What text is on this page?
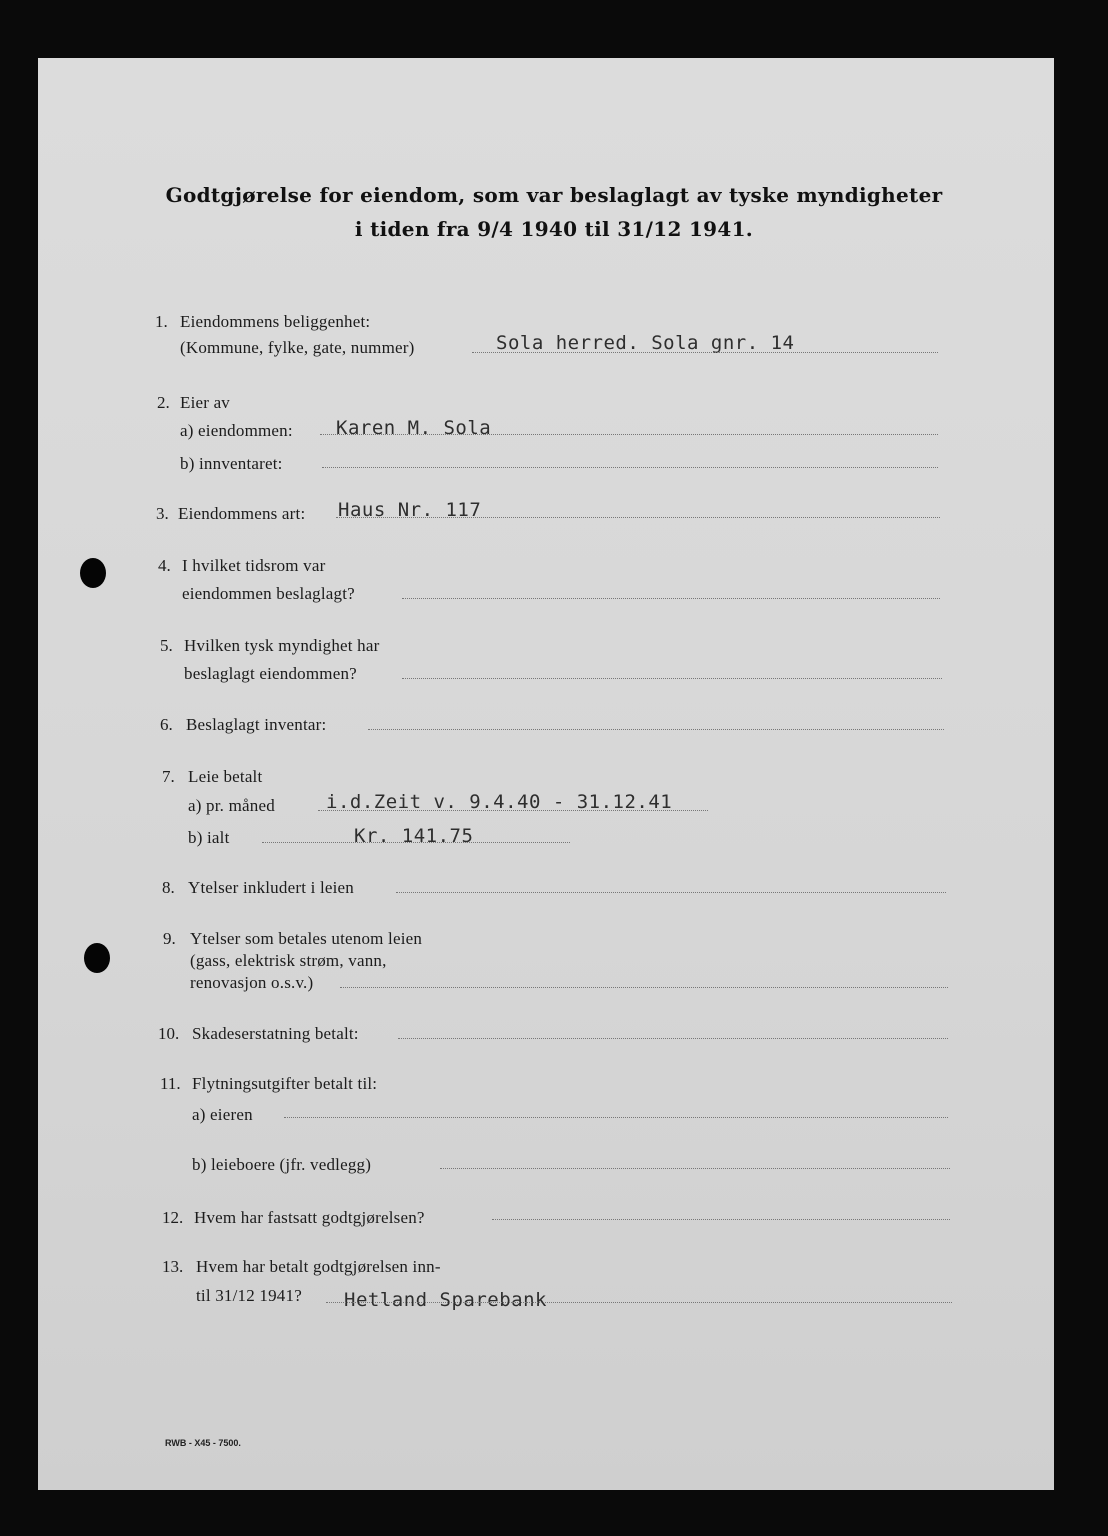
Godtgjørelse for eiendom, som var beslaglagt av tyske myndigheter
i tiden fra 9/4 1940 til 31/12 1941.
1. Eiendommens beliggenhet:
(Kommune, fylke, gate, nummer)	Sola herred. Sola gnr. 14
2. Eier av
a) eiendommen: Karen M. Sola
b) innventaret:
3. Eiendommens art: Haus Nr. 117
4. I hvilket tidsrom var
eiendommen beslaglagt?
5. Hvilken tysk myndighet har
beslaglagt eiendommen?
6. Beslaglagt inventar:
7. Leie betalt
a) pr. måned	i.d.Zeit v. 9.4.40 - 31.12.41
b) ialt	Kr. 141.75
8. Ytelser inkludert i leien
9. Ytelser som betales utenom leien
(gass, elektrisk strøm, vann,
renovasjon o.s.v.)
10. Skadeserstatning betalt:
11. Flytningsutgifter betalt til:
a) eieren
b) leieboere (jfr. vedlegg)
12. Hvem har fastsatt godtgjørelsen?
13. Hvem har betalt godtgjørelsen inn-
til 31/12 1941? Hetland Sparebank
RWB - X45 - 7500.
